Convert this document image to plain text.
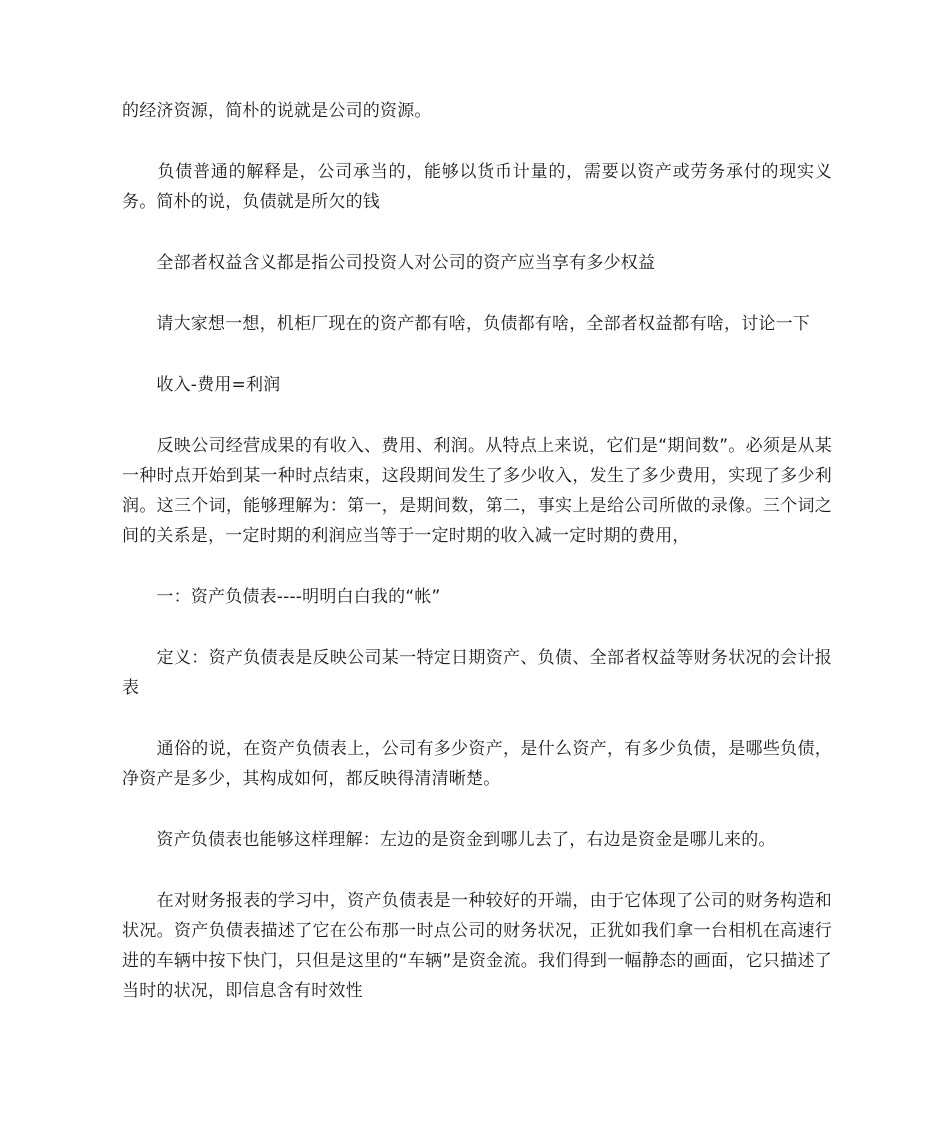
的经济资源，简朴的说就是公司的资源。

　　负债普通的解释是，公司承当的，能够以货币计量的，需要以资产或劳务承付的现实义务。简朴的说，负债就是所欠的钱

　　全部者权益含义都是指公司投资人对公司的资产应当享有多少权益

　　请大家想一想，机柜厂现在的资产都有啥，负债都有啥，全部者权益都有啥，讨论一下

　　收入-费用=利润

　　反映公司经营成果的有收入、费用、利润。从特点上来说，它们是“期间数”。必须是从某一种时点开始到某一种时点结束，这段期间发生了多少收入，发生了多少费用，实现了多少利润。这三个词，能够理解为：第一，是期间数，第二，事实上是给公司所做的录像。三个词之间的关系是，一定时期的利润应当等于一定时期的收入减一定时期的费用，

　　一：资产负债表----明明白白我的“帐”

　　定义：资产负债表是反映公司某一特定日期资产、负债、全部者权益等财务状况的会计报表

　　通俗的说，在资产负债表上，公司有多少资产，是什么资产，有多少负债，是哪些负债，净资产是多少，其构成如何，都反映得清清晰楚。

　　资产负债表也能够这样理解：左边的是资金到哪儿去了，右边是资金是哪儿来的。

　　在对财务报表的学习中，资产负债表是一种较好的开端，由于它体现了公司的财务构造和状况。资产负债表描述了它在公布那一时点公司的财务状况，正犹如我们拿一台相机在高速行进的车辆中按下快门，只但是这里的“车辆”是资金流。我们得到一幅静态的画面，它只描述了当时的状况，即信息含有时效性
